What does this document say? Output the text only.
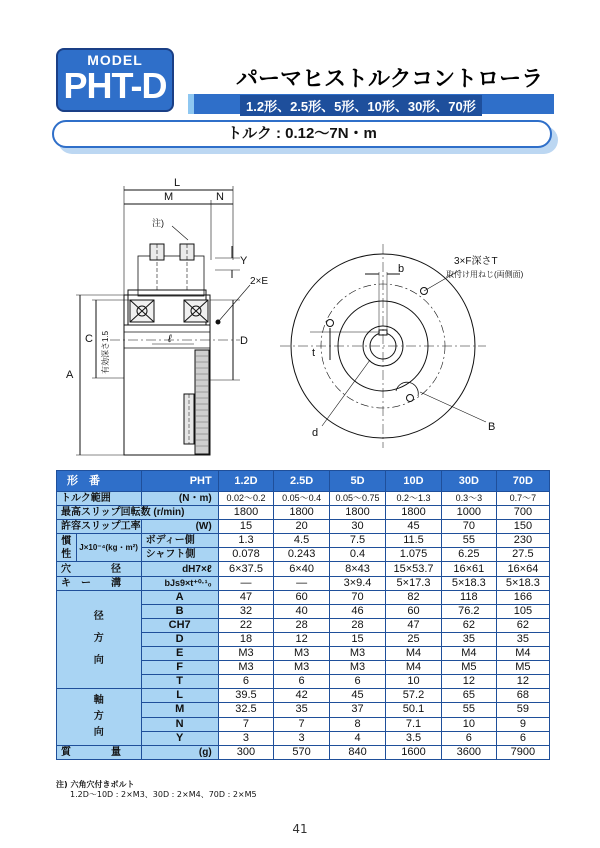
MODEL
PHT-D	パーマヒストルクコントローラ
1.2形、2.5形、5形、10形、30形、70形
トルク : 0.12〜7N・m
L
M	N
注)
Y
2×E
A
C 有効深さ1.5	ℓ	D
3×F深さT
取付け用ねじ(両側面)
b
t
d	B
形　番		PHT	1.2D	2.5D	5D	10D	30D	70D
トルク範囲		(N・m)	0.02〜0.2	0.05〜0.4	0.05〜0.75	0.2〜1.3	0.3〜3	0.7〜7
最高スリップ回転数 (r/min)			1800	1800	1800	1800	1000	700
許容スリップ工率		(W)	15	20	30	45	70	150
慣
性	J×10⁻⁴(kg・m²)	ボディー側	1.3	4.5	7.5	11.5	55	230
		シャフト側	0.078	0.243	0.4	1.075	6.25	27.5
穴　　　　径		dH7×ℓ	6×37.5	6×40	8×43	15×53.7	16×61	16×64
キ　ー　　溝		bJs9×t⁺⁰·¹₀	—	—	3×9.4	5×17.3	5×18.3	5×18.3
径
方
向		A	47	60	70	82	118	166
		B	32	40	46	60	76.2	105
		CH7	22	28	28	47	62	62
		D	18	12	15	25	35	35
		E	M3	M3	M3	M4	M4	M4
		F	M3	M3	M3	M4	M5	M5
		T	6	6	6	10	12	12
軸
方
向		L	39.5	42	45	57.2	65	68
		M	32.5	35	37	50.1	55	59
		N	7	7	8	7.1	10	9
		Y	3	3	4	3.5	6	6
質　　　　量		(g)	300	570	840	1600	3600	7900
注) 六角穴付きボルト
1.2D〜10D : 2×M3、30D : 2×M4、70D : 2×M5
41
